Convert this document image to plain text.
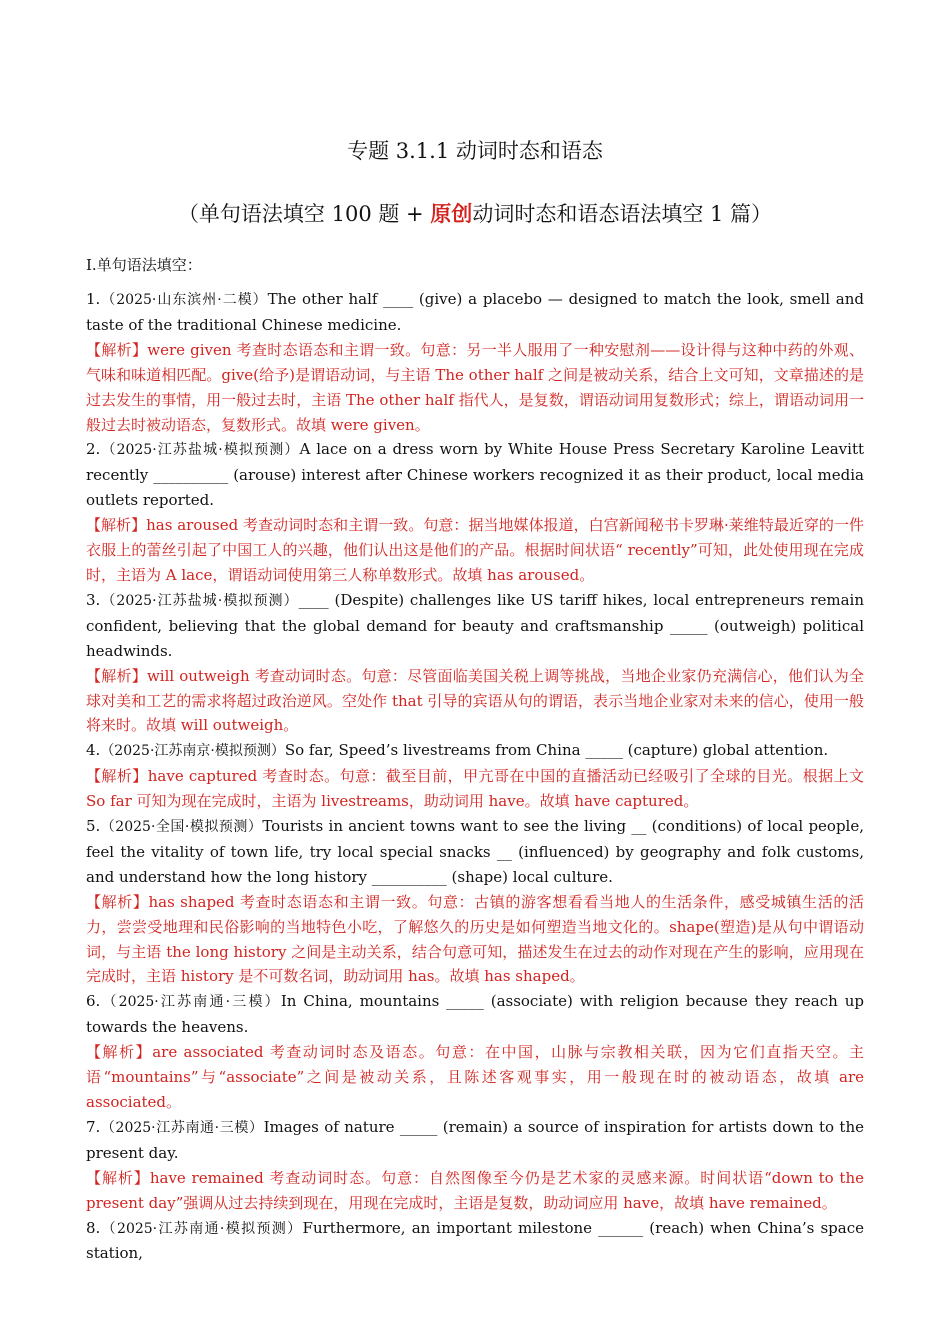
专题 3.1.1 动词时态和语态
（单句语法填空 100 题 + 原创动词时态和语态语法填空 1 篇）
I.单句语法填空：

1.（2025·山东滨州·二模）The other half ____ (give) a placebo — designed to match the look, smell and taste of the traditional Chinese medicine.

【解析】were given 考查时态语态和主谓一致。句意：另一半人服用了一种安慰剂——设计得与这种中药的外观、气味和味道相匹配。give(给予)是谓语动词，与主语 The other half 之间是被动关系，结合上文可知，文章描述的是过去发生的事情，用一般过去时，主语 The other half 指代人，是复数，谓语动词用复数形式；综上，谓语动词用一般过去时被动语态，复数形式。故填 were given。

2.（2025·江苏盐城·模拟预测）A lace on a dress worn by White House Press Secretary Karoline Leavitt recently __________ (arouse) interest after Chinese workers recognized it as their product, local media outlets reported.

【解析】has aroused 考查动词时态和主谓一致。句意：据当地媒体报道，白宫新闻秘书卡罗琳·莱维特最近穿的一件衣服上的蕾丝引起了中国工人的兴趣，他们认出这是他们的产品。根据时间状语“ recently”可知，此处使用现在完成时，主语为 A lace，谓语动词使用第三人称单数形式。故填 has aroused。

3.（2025·江苏盐城·模拟预测）____ (Despite) challenges like US tariff hikes, local entrepreneurs remain confident, believing that the global demand for beauty and craftsmanship _____ (outweigh) political headwinds.

【解析】will outweigh 考查动词时态。句意：尽管面临美国关税上调等挑战，当地企业家仍充满信心，他们认为全球对美和工艺的需求将超过政治逆风。空处作 that 引导的宾语从句的谓语，表示当地企业家对未来的信心，使用一般将来时。故填 will outweigh。

4.（2025·江苏南京·模拟预测）So far, Speed’s livestreams from China _____ (capture) global attention.

【解析】have captured 考查时态。句意：截至目前，甲亢哥在中国的直播活动已经吸引了全球的目光。根据上文 So far 可知为现在完成时，主语为 livestreams，助动词用 have。故填 have captured。

5.（2025·全国·模拟预测）Tourists in ancient towns want to see the living __ (conditions) of local people, feel the vitality of town life, try local special snacks __ (influenced) by geography and folk customs, and understand how the long history __________ (shape) local culture.

【解析】has shaped 考查时态语态和主谓一致。句意：古镇的游客想看看当地人的生活条件，感受城镇生活的活力，尝尝受地理和民俗影响的当地特色小吃，了解悠久的历史是如何塑造当地文化的。shape(塑造)是从句中谓语动词，与主语 the long history 之间是主动关系，结合句意可知，描述发生在过去的动作对现在产生的影响，应用现在完成时，主语 history 是不可数名词，助动词用 has。故填 has shaped。

6.（2025·江苏南通·三模）In China, mountains _____ (associate) with religion because they reach up towards the heavens.

【解析】are associated 考查动词时态及语态。句意：在中国，山脉与宗教相关联，因为它们直指天空。主语“mountains”与“associate”之间是被动关系，且陈述客观事实，用一般现在时的被动语态，故填 are associated。

7.（2025·江苏南通·三模）Images of nature _____ (remain) a source of inspiration for artists down to the present day.

【解析】have remained 考查动词时态。句意：自然图像至今仍是艺术家的灵感来源。时间状语“down to the present day”强调从过去持续到现在，用现在完成时，主语是复数，助动词应用 have，故填 have remained。

8.（2025·江苏南通·模拟预测）Furthermore, an important milestone ______ (reach) when China’s space station,
